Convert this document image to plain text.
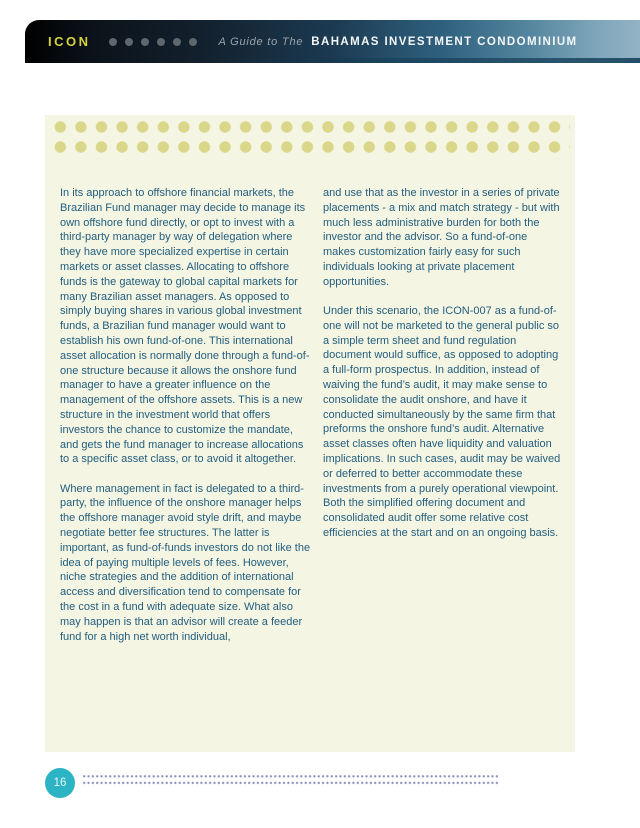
ICON	A Guide to The BAHAMAS INVESTMENT CONDOMINIUM

In its approach to offshore financial markets, the Brazilian Fund manager may decide to manage its own offshore fund directly, or opt to invest with a third-party manager by way of delegation where they have more specialized expertise in certain markets or asset classes. Allocating to offshore funds is the gateway to global capital markets for many Brazilian asset managers. As opposed to simply buying shares in various global investment funds, a Brazilian fund manager would want to establish his own fund-of-one. This international asset allocation is normally done through a fund-of-one structure because it allows the onshore fund manager to have a greater influence on the management of the offshore assets. This is a new structure in the investment world that offers investors the chance to customize the mandate, and gets the fund manager to increase allocations to a specific asset class, or to avoid it altogether.

Where management in fact is delegated to a third-party, the influence of the onshore manager helps the offshore manager avoid style drift, and maybe negotiate better fee structures. The latter is important, as fund-of-funds investors do not like the idea of paying multiple levels of fees. However, niche strategies and the addition of international access and diversification tend to compensate for the cost in a fund with adequate size. What also may happen is that an advisor will create a feeder fund for a high net worth individual,

and use that as the investor in a series of private placements - a mix and match strategy - but with much less administrative burden for both the investor and the advisor. So a fund-of-one makes customization fairly easy for such individuals looking at private placement opportunities.

Under this scenario, the ICON-007 as a fund-of-one will not be marketed to the general public so a simple term sheet and fund regulation document would suffice, as opposed to adopting a full-form prospectus. In addition, instead of waiving the fund’s audit, it may make sense to consolidate the audit onshore, and have it conducted simultaneously by the same firm that preforms the onshore fund’s audit. Alternative asset classes often have liquidity and valuation implications. In such cases, audit may be waived or deferred to better accommodate these investments from a purely operational viewpoint. Both the simplified offering document and consolidated audit offer some relative cost efficiencies at the start and on an ongoing basis.

16
